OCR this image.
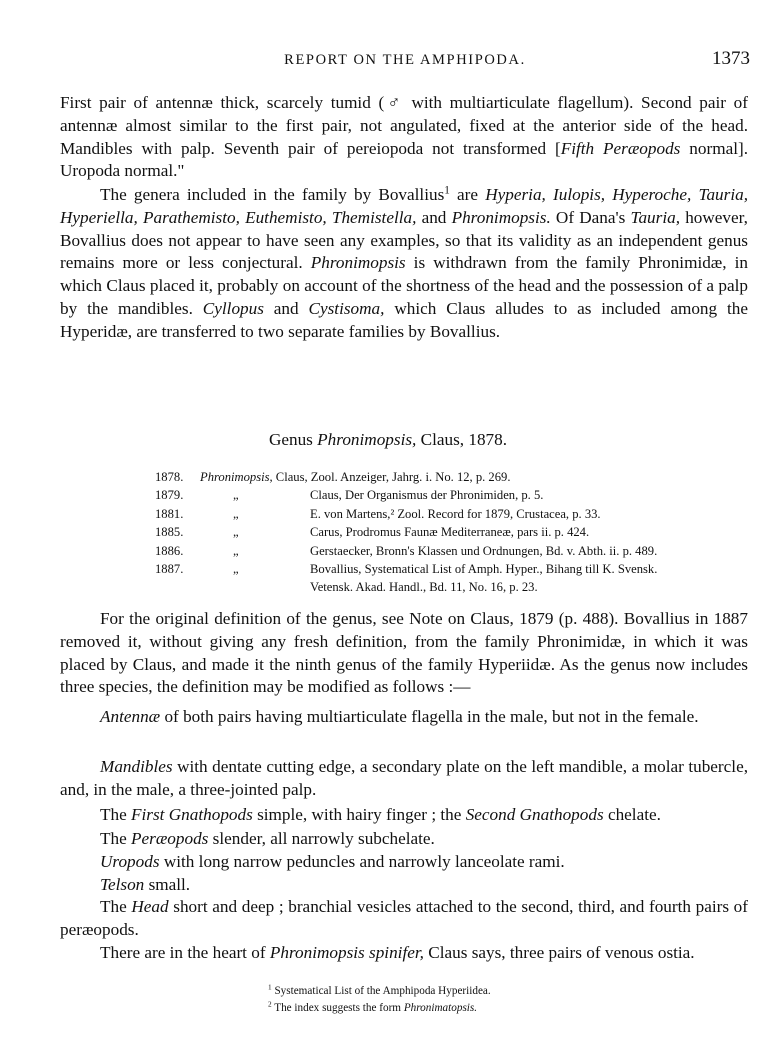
REPORT ON THE AMPHIPODA.	1373

First pair of antennæ thick, scarcely tumid (♂ with multiarticulate flagellum). Second pair of antennæ almost similar to the first pair, not angulated, fixed at the anterior side of the head. Mandibles with palp. Seventh pair of pereiopoda not transformed [Fifth Peræopods normal]. Uropoda normal."

The genera included in the family by Bovallius$^1$ are Hyperia, Iulopis, Hyperoche, Tauria, Hyperiella, Parathemisto, Euthemisto, Themistella, and Phronimopsis. Of Dana's Tauria, however, Bovallius does not appear to have seen any examples, so that its validity as an independent genus remains more or less conjectural. Phronimopsis is withdrawn from the family Phronimidæ, in which Claus placed it, probably on account of the shortness of the head and the possession of a palp by the mandibles. Cyllopus and Cystisoma, which Claus alludes to as included among the Hyperidæ, are transferred to two separate families by Bovallius.

Genus Phronimopsis, Claus, 1878.
1878. Phronimopsis, Claus, Zool. Anzeiger, Jahrg. i. No. 12, p. 269.
1879.	„	Claus, Der Organismus der Phronimiden, p. 5.
1881.	„	E. von Martens,² Zool. Record for 1879, Crustacea, p. 33.
1885.	„	Carus, Prodromus Faunæ Mediterraneæ, pars ii. p. 424.
1886.	„	Gerstaecker, Bronn's Klassen und Ordnungen, Bd. v. Abth. ii. p. 489.
1887.	„	Bovallius, Systematical List of Amph. Hyper., Bihang till K. Svensk.
Vetensk. Akad. Handl., Bd. 11, No. 16, p. 23.

For the original definition of the genus, see Note on Claus, 1879 (p. 488). Bovallius in 1887 removed it, without giving any fresh definition, from the family Phronimidæ, in which it was placed by Claus, and made it the ninth genus of the family Hyperiidæ. As the genus now includes three species, the definition may be modified as follows :—

Antennæ of both pairs having multiarticulate flagella in the male, but not in the female.

Mandibles with dentate cutting edge, a secondary plate on the left mandible, a molar tubercle, and, in the male, a three-jointed palp.

The First Gnathopods simple, with hairy finger ; the Second Gnathopods chelate.

The Peræopods slender, all narrowly subchelate.

Uropods with long narrow peduncles and narrowly lanceolate rami.

Telson small.

The Head short and deep ; branchial vesicles attached to the second, third, and fourth pairs of peræopods.

There are in the heart of Phronimopsis spinifer, Claus says, three pairs of venous ostia.

$^1$ Systematical List of the Amphipoda Hyperiidea.
$^2$ The index suggests the form Phronimatopsis.
